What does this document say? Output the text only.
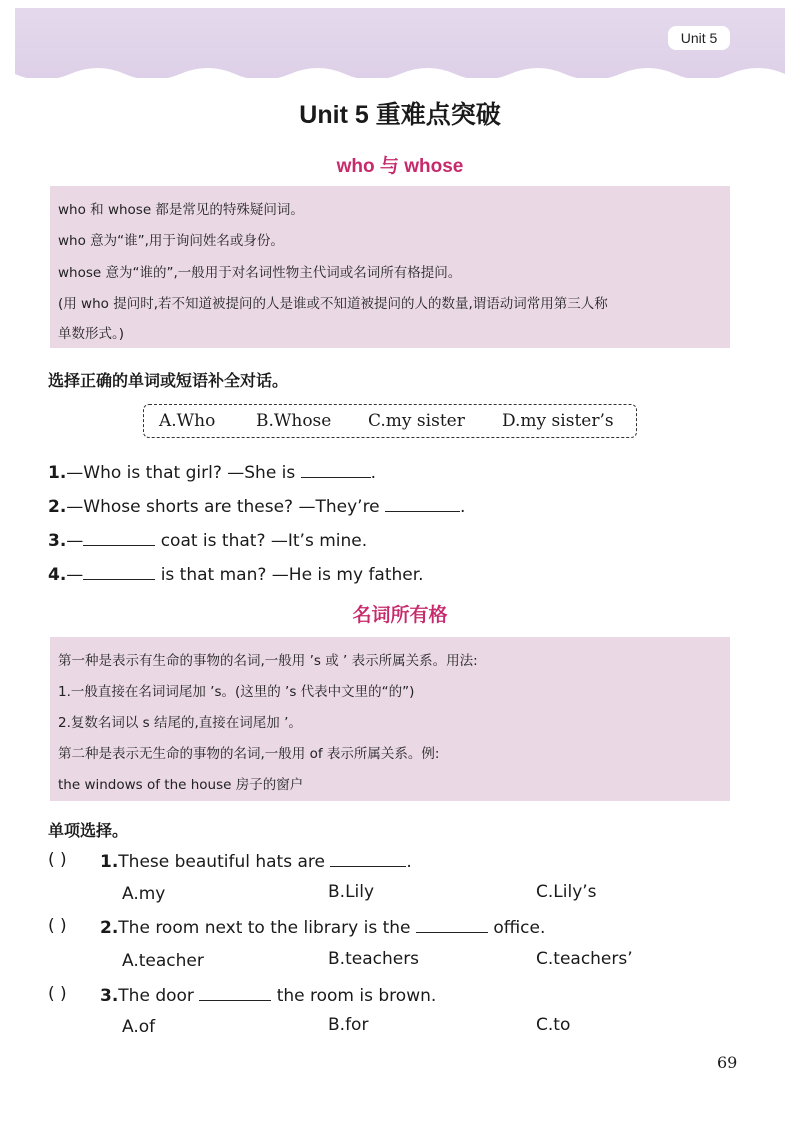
Unit 5
Unit 5 重难点突破
who 与 whose
who 和 whose 都是常见的特殊疑问词。
who 意为“谁”,用于询问姓名或身份。
whose 意为“谁的”,一般用于对名词性物主代词或名词所有格提问。
(用 who 提问时,若不知道被提问的人是谁或不知道被提问的人的数量,谓语动词常用第三人称
单数形式。)
选择正确的单词或短语补全对话。
A.Who B.Whose C.my sister D.my sister’s
1.—Who is that girl? —She is	.
2.—Whose shorts are these? —They’re	.
3.—	coat is that? —It’s mine.
4.—	is that man? —He is my father.
名词所有格
第一种是表示有生命的事物的名词,一般用 ’s 或 ’ 表示所属关系。用法:
1.一般直接在名词词尾加 ’s。(这里的 ’s 代表中文里的“的”)
2.复数名词以 s 结尾的,直接在词尾加 ’。
第二种是表示无生命的事物的名词,一般用 of 表示所属关系。例:
the windows of the house 房子的窗户
单项选择。
( ) 1.These beautiful hats are	.
A.my	B.Lily	C.Lily’s
( ) 2.The room next to the library is the	office.
A.teacher	B.teachers	C.teachers’
( ) 3.The door	the room is brown.
A.of	B.for	C.to
69
